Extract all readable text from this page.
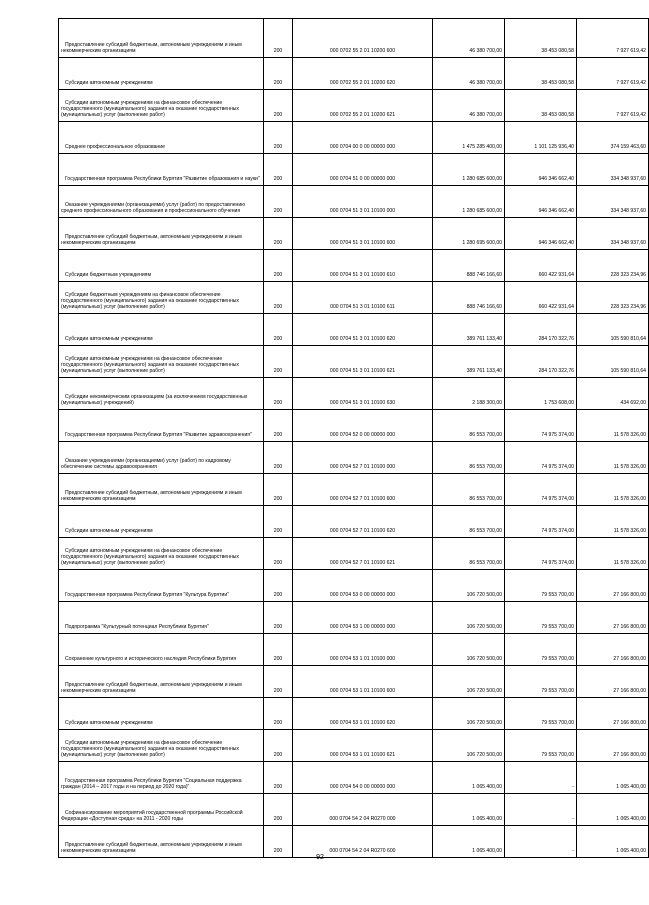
Предоставление субсидий бюджетным, автономным учреждениям и иным некоммерческим организациям	200	000 0702 55 2 01 10200 600	46 380 700,00	38 453 080,58	7 927 619,42

Субсидии автономным учреждениям	200	000 0702 55 2 01 10200 620	46 380 700,00	38 453 080,58	7 927 619,42

Субсидии автономным учреждениям на финансовое обеспечение государственного (муниципального) задания на оказание государственных (муниципальных) услуг (выполнение работ)	200	000 0702 55 2 01 10200 621	46 380 700,00	38 453 080,58	7 927 619,42

Среднее профессиональное образование	200	000 0704 00 0 00 00000 000	1 475 285 400,00	1 101 125 936,40	374 159 463,60

Государственная программа Республики Бурятия "Развитие образования и науки"	200	000 0704 51 0 00 00000 000	1 280 685 600,00	946 346 662,40	334 348 937,60

Оказание учреждениями (организациями) услуг (работ) по предоставлению среднего профессионального образования и профессионального обучения	200	000 0704 51 3 01 10100 000	1 280 685 600,00	946 346 662,40	334 348 937,60

Предоставление субсидий бюджетным, автономным учреждениям и иным некоммерческим организациям	200	000 0704 51 3 01 10100 600	1 280 695 600,00	946 346 662,40	334 348 937,60

Субсидии бюджетным учреждениям	200	000 0704 51 3 01 10100 610	888 746 166,60	660 422 931,64	228 323 234,96

Субсидии бюджетным учреждениям на финансовое обеспечение государственного (муниципального) задания на оказание государственных (муниципальных) услуг (выполнение работ)	200	000 0704 51 3 01 10100 611	888 746 166,60	660 422 931,64	228 323 234,96

Субсидии автономным учреждениям	200	000 0704 51 3 01 10100 620	389 761 133,40	284 170 322,76	105 590 810,64

Субсидии автономным учреждениям на финансовое обеспечение государственного (муниципального) задания на оказание государственных (муниципальных) услуг (выполнение работ)	200	000 0704 51 3 01 10100 621	389 761 133,40	284 170 322,76	105 590 810,64

Субсидии некоммерческим организациям (за исключением государственных (муниципальных) учреждений)	200	000 0704 51 3 01 10100 630	2 188 300,00	1 753 608,00	434 692,00

Государственная программа Республики Бурятия "Развитие здравоохранения"	200	000 0704 52 0 00 00000 000	86 553 700,00	74 975 374,00	11 578 326,00

Оказание учреждениями (организациями) услуг (работ) по кадровому обеспечению системы здравоохранения	200	000 0704 52 7 01 10100 000	86 553 700,00	74 975 374,00	11 578 326,00

Предоставление субсидий бюджетным, автономным учреждениям и иным некоммерческим организациям	200	000 0704 52 7 01 10100 600	86 553 700,00	74 975 374,00	11 578 326,00

Субсидии автономным учреждениям	200	000 0704 52 7 01 10100 620	86 553 700,00	74 975 374,00	11 578 326,00

Субсидии автономным учреждениям на финансовое обеспечение государственного (муниципального) задания на оказание государственных (муниципальных) услуг (выполнение работ)	200	000 0704 52 7 01 10100 621	86 553 700,00	74 975 374,00	11 578 326,00

Государственная программа Республики Бурятия "Культура Бурятии"	200	000 0704 53 0 00 00000 000	106 720 500,00	79 553 700,00	27 166 800,00

Подпрограмма "Культурный потенциал Республики Бурятия"	200	000 0704 53 1 00 00000 000	106 720 500,00	79 553 700,00	27 166 800,00

Сохранение культурного и исторического наследия Республики Бурятия	200	000 0704 53 1 01 10100 000	106 720 500,00	79 553 700,00	27 166 800,00

Предоставление субсидий бюджетным, автономным учреждениям и иным некоммерческим организациям	200	000 0704 53 1 01 10100 600	106 720 500,00	79 553 700,00	27 166 800,00

Субсидии автономным учреждениям	200	000 0704 53 1 01 10100 620	106 720 500,00	79 553 700,00	27 166 800,00

Субсидии автономным учреждениям на финансовое обеспечение государственного (муниципального) задания на оказание государственных (муниципальных) услуг (выполнение работ)	200	000 0704 53 1 01 10100 621	106 720 500,00	79 553 700,00	27 166 800,00

Государственная программа Республики Бурятия "Социальная поддержка граждан (2014 – 2017 годы и на период до 2020 года)"	200	000 0704 54 0 00 00000 000	1 065 400,00	-	1 065 400,00

Софинансирование мероприятий государственной программы Российской Федерации «Доступная среда» на 2011 - 2020 годы	200	000 0704 54 2 04 R0270 000	1 065 400,00	-	1 065 400,00

Предоставление субсидий бюджетным, автономным учреждениям и иным некоммерческим организациям	200	000 0704 54 2 04 R0270 600	1 065 400,00	-	1 065 400,00
92
